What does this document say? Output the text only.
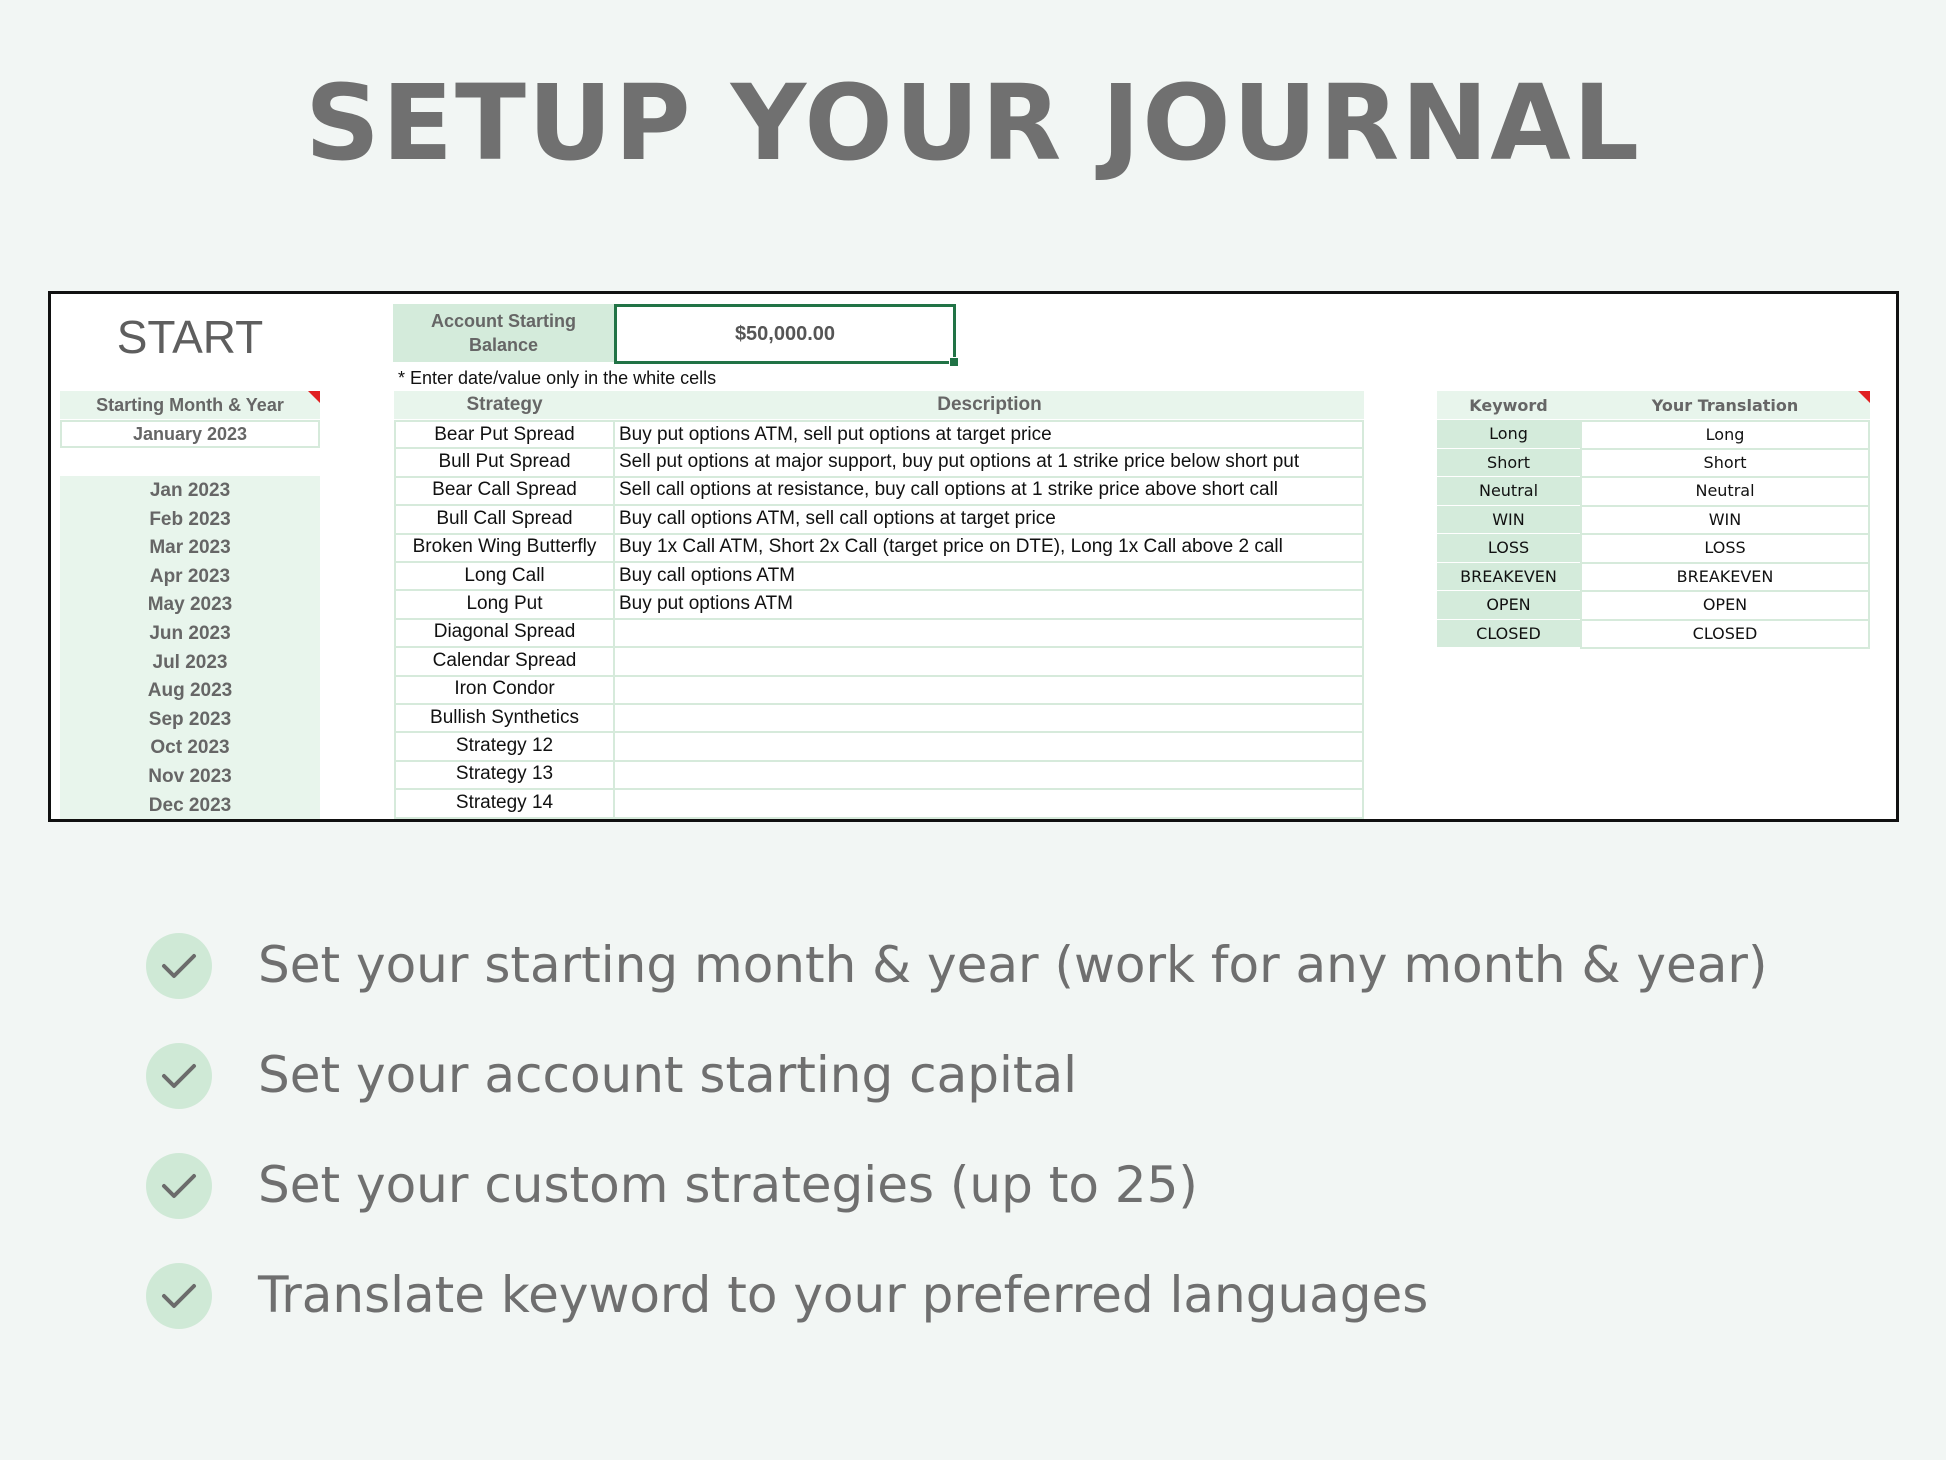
SETUP YOUR JOURNAL
START	Account Starting Balance
$50,000.00
* Enter date/value only in the white cells
Starting Month & Year
January 2023
Jan 2023
Feb 2023
Mar 2023
Apr 2023
May 2023
Jun 2023
Jul 2023
Aug 2023
Sep 2023
Oct 2023
Nov 2023
Dec 2023
Strategy	Description
Bear Put Spread	Buy put options ATM, sell put options at target price
Bull Put Spread	Sell put options at major support, buy put options at 1 strike price below short put
Bear Call Spread	Sell call options at resistance, buy call options at 1 strike price above short call
Bull Call Spread	Buy call options ATM, sell call options at target price
Broken Wing Butterfly	Buy 1x Call ATM, Short 2x Call (target price on DTE), Long 1x Call above 2 call
Long Call	Buy call options ATM
Long Put	Buy put options ATM
Diagonal Spread
Calendar Spread
Iron Condor
Bullish Synthetics
Strategy 12
Strategy 13
Strategy 14
Keyword	Your Translation
Long	Long
Short	Short
Neutral	Neutral
WIN	WIN
LOSS	LOSS
BREAKEVEN	BREAKEVEN
OPEN	OPEN
CLOSED	CLOSED
Set your starting month & year (work for any month & year)
Set your account starting capital
Set your custom strategies (up to 25)
Translate keyword to your preferred languages
